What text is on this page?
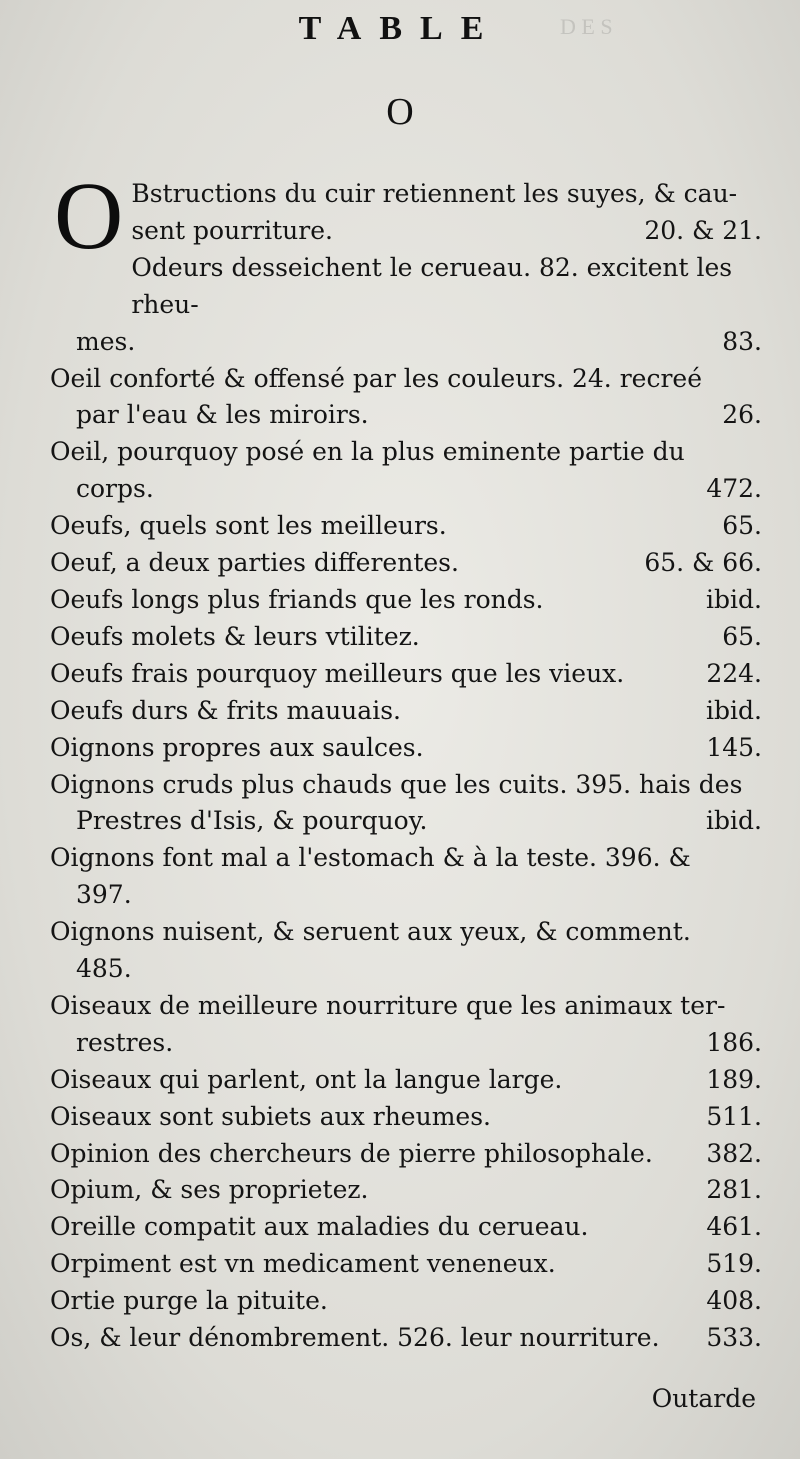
D E S
TABLE
O
O Bstructions du cuir retiennent les suyes, & cau-
sent pourriture.	20. & 21.
Odeurs desseichent le cerueau. 82. excitent les rheu-
mes.	83.
Oeil conforté & offensé par les couleurs. 24. recreé
par l'eau & les miroirs.	26.
Oeil, pourquoy posé en la plus eminente partie du
corps.	472.
Oeufs, quels sont les meilleurs.	65.
Oeuf, a deux parties differentes.	65. & 66.
Oeufs longs plus friands que les ronds.	ibid.
Oeufs molets & leurs vtilitez.	65.
Oeufs frais pourquoy meilleurs que les vieux.	224.
Oeufs durs & frits mauuais.	ibid.
Oignons propres aux saulces.	145.
Oignons cruds plus chauds que les cuits. 395. hais des
Prestres d'Isis, & pourquoy.	ibid.
Oignons font mal a l'estomach & à la teste. 396. &
397.
Oignons nuisent, & seruent aux yeux, & comment.
485.
Oiseaux de meilleure nourriture que les animaux ter-
restres.	186.
Oiseaux qui parlent, ont la langue large.	189.
Oiseaux sont subiets aux rheumes.	511.
Opinion des chercheurs de pierre philosophale.	382.
Opium, & ses proprietez.	281.
Oreille compatit aux maladies du cerueau.	461.
Orpiment est vn medicament veneneux.	519.
Ortie purge la pituite.	408.
Os, & leur dénombrement. 526. leur nourriture.	533.
Outarde
